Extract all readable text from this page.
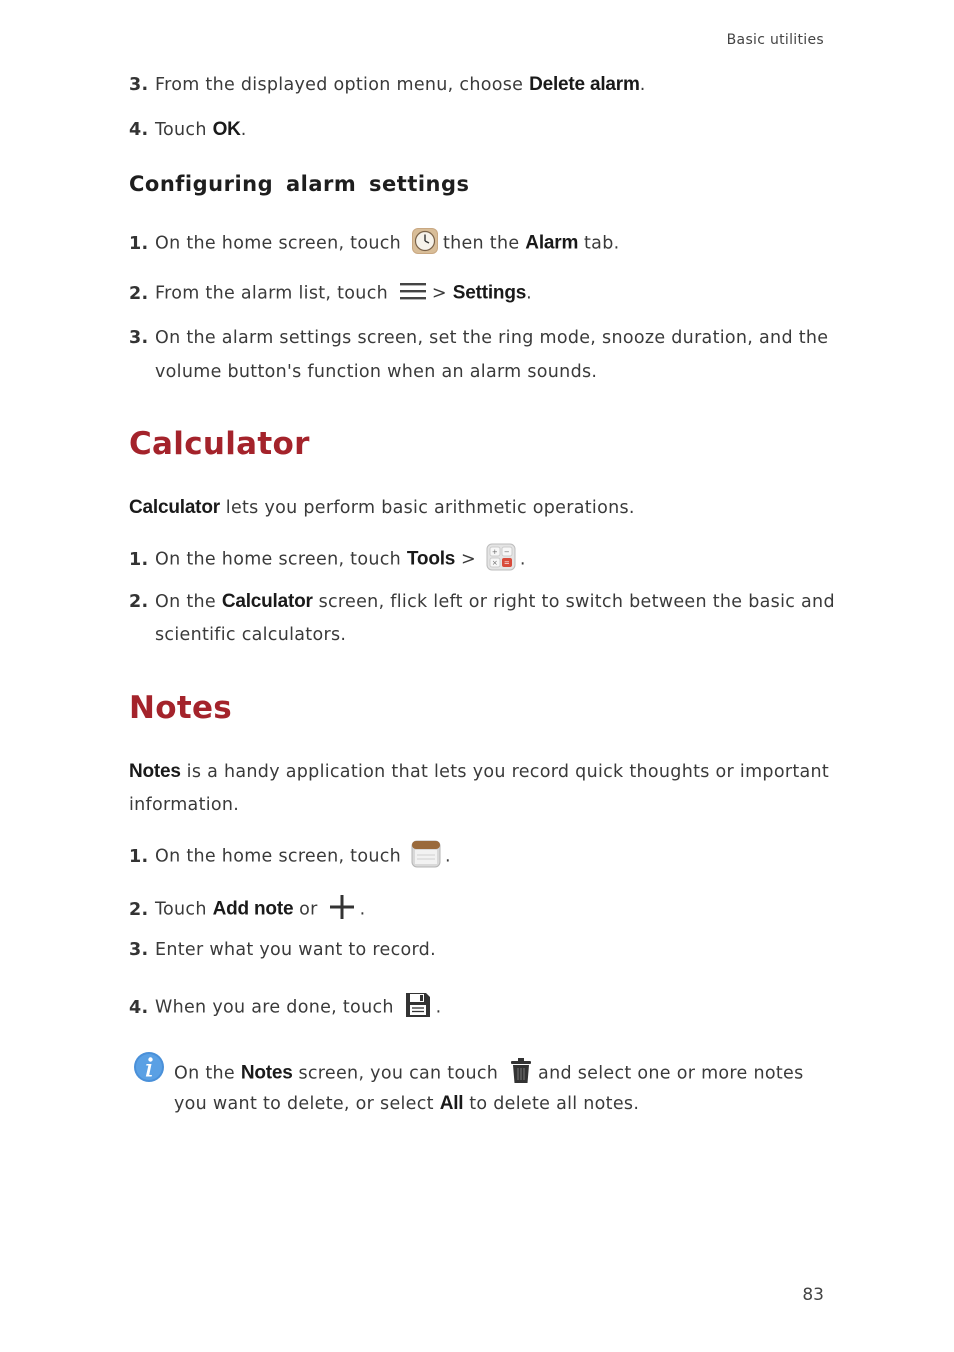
Basic utilities
3. From the displayed option menu, choose Delete alarm.
4. Touch OK.
Configuring alarm settings
1. On the home screen, touch then the Alarm tab.
2. From the alarm list, touch	> Settings.
3. On the alarm settings screen, set the ring mode, snooze duration, and the
volume button's function when an alarm sounds.
Calculator
Calculator lets you perform basic arithmetic operations.
1. On the home screen, touch Tools > + −
× = .
2. On the Calculator screen, flick left or right to switch between the basic and
scientific calculators.
Notes
Notes is a handy application that lets you record quick thoughts or important
information.
1. On the home screen, touch	.
2. Touch Add note or .
3. Enter what you want to record.
4. When you are done, touch .
On the Notes screen, you can touch and select one or more notes
you want to delete, or select All to delete all notes.
83
